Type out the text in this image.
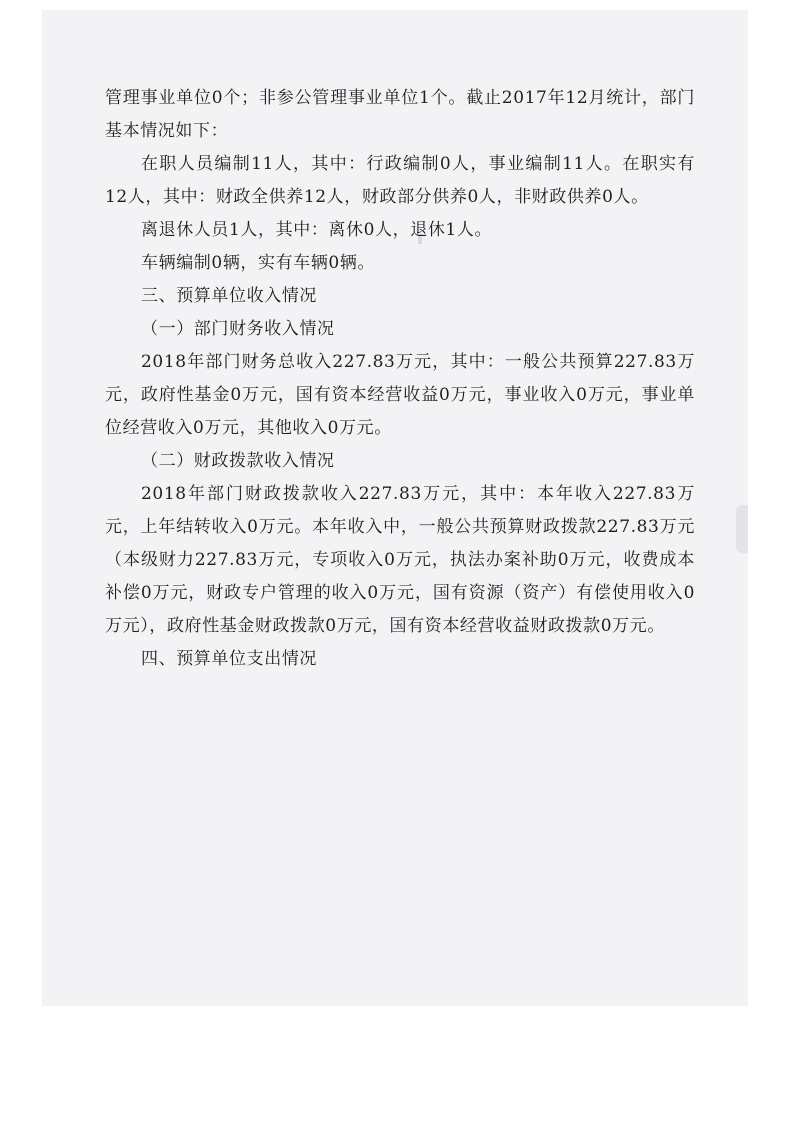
管理事业单位0个；非参公管理事业单位1个。截止2017年12月统计，部门基本情况如下：

在职人员编制11人，其中：行政编制0人，事业编制11人。在职实有12人，其中：财政全供养12人，财政部分供养0人，非财政供养0人。

离退休人员1人，其中：离休0人，退休1人。

车辆编制0辆，实有车辆0辆。

三、预算单位收入情况

（一）部门财务收入情况

2018年部门财务总收入227.83万元，其中：一般公共预算227.83万元，政府性基金0万元，国有资本经营收益0万元，事业收入0万元，事业单位经营收入0万元，其他收入0万元。

（二）财政拨款收入情况

2018年部门财政拨款收入227.83万元，其中：本年收入227.83万元，上年结转收入0万元。本年收入中，一般公共预算财政拨款227.83万元（本级财力227.83万元，专项收入0万元，执法办案补助0万元，收费成本补偿0万元，财政专户管理的收入0万元，国有资源（资产）有偿使用收入0万元），政府性基金财政拨款0万元，国有资本经营收益财政拨款0万元。

四、预算单位支出情况
